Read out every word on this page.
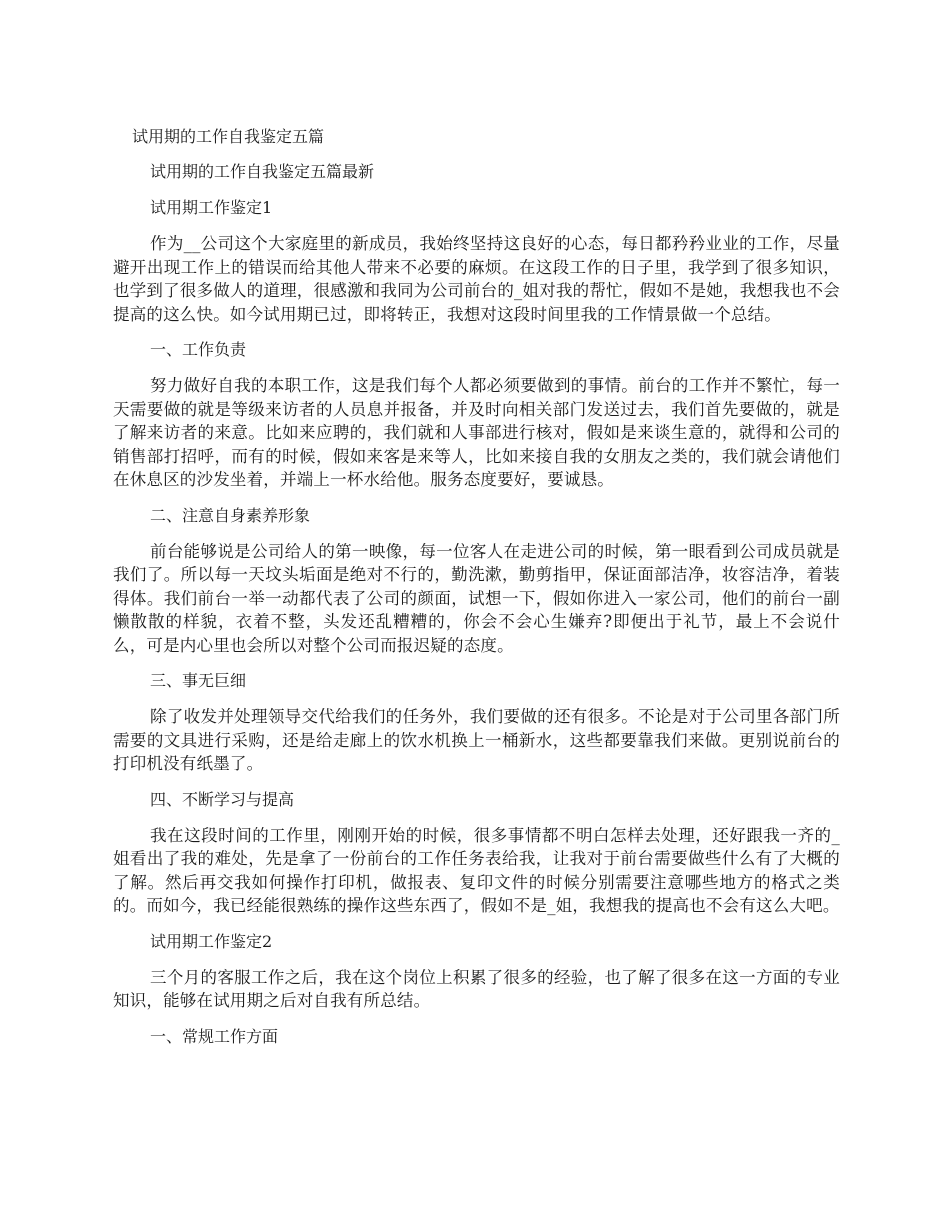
试用期的工作自我鉴定五篇
试用期的工作自我鉴定五篇最新
试用期工作鉴定1
作为__公司这个大家庭里的新成员，我始终坚持这良好的心态，每日都矜矜业业的工作，尽量避开出现工作上的错误而给其他人带来不必要的麻烦。在这段工作的日子里，我学到了很多知识，也学到了很多做人的道理，很感激和我同为公司前台的_姐对我的帮忙，假如不是她，我想我也不会提高的这么快。如今试用期已过，即将转正，我想对这段时间里我的工作情景做一个总结。
一、工作负责
努力做好自我的本职工作，这是我们每个人都必须要做到的事情。前台的工作并不繁忙，每一天需要做的就是等级来访者的人员息并报备，并及时向相关部门发送过去，我们首先要做的，就是了解来访者的来意。比如来应聘的，我们就和人事部进行核对，假如是来谈生意的，就得和公司的销售部打招呼，而有的时候，假如来客是来等人，比如来接自我的女朋友之类的，我们就会请他们在休息区的沙发坐着，并端上一杯水给他。服务态度要好，要诚恳。
二、注意自身素养形象
前台能够说是公司给人的第一映像，每一位客人在走进公司的时候，第一眼看到公司成员就是我们了。所以每一天坟头垢面是绝对不行的，勤洗漱，勤剪指甲，保证面部洁净，妆容洁净，着装得体。我们前台一举一动都代表了公司的颜面，试想一下，假如你进入一家公司，他们的前台一副懒散散的样貌，衣着不整，头发还乱糟糟的，你会不会心生嫌弃?即便出于礼节，最上不会说什么，可是内心里也会所以对整个公司而报迟疑的态度。
三、事无巨细
除了收发并处理领导交代给我们的任务外，我们要做的还有很多。不论是对于公司里各部门所需要的文具进行采购，还是给走廊上的饮水机换上一桶新水，这些都要靠我们来做。更别说前台的打印机没有纸墨了。
四、不断学习与提高
我在这段时间的工作里，刚刚开始的时候，很多事情都不明白怎样去处理，还好跟我一齐的_姐看出了我的难处，先是拿了一份前台的工作任务表给我，让我对于前台需要做些什么有了大概的了解。然后再交我如何操作打印机，做报表、复印文件的时候分别需要注意哪些地方的格式之类的。而如今，我已经能很熟练的操作这些东西了，假如不是_姐，我想我的提高也不会有这么大吧。
试用期工作鉴定2
三个月的客服工作之后，我在这个岗位上积累了很多的经验，也了解了很多在这一方面的专业知识，能够在试用期之后对自我有所总结。
一、常规工作方面
